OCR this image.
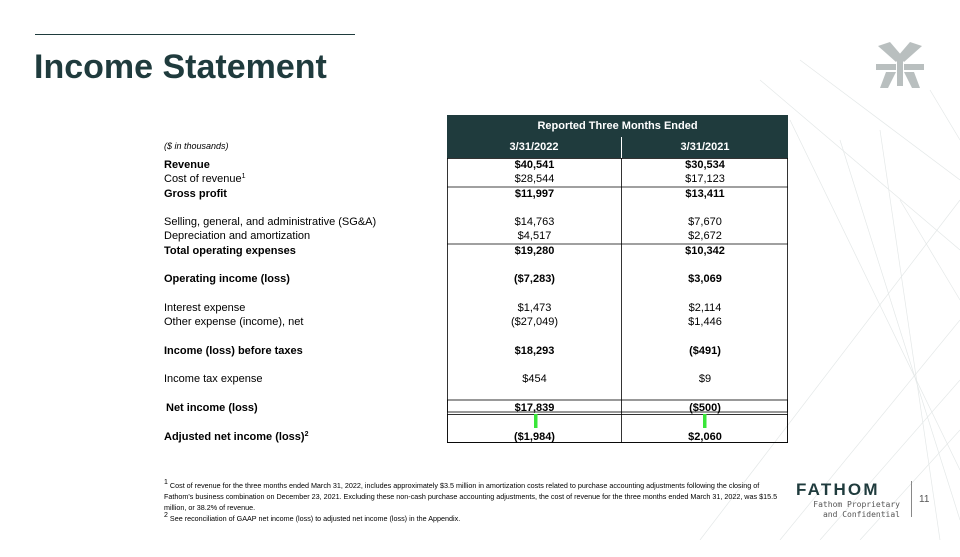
Income Statement
Reported Three Months Ended
($ in thousands)	3/31/2022	3/31/2021
Revenue	$40,541	$30,534
Cost of revenue$^1$	$28,544	$17,123
Gross profit	$11,997	$13,411
Selling, general, and administrative (SG&A)	$14,763	$7,670
Depreciation and amortization	$4,517	$2,672
Total operating expenses	$19,280	$10,342
Operating income (loss)	($7,283)	$3,069
Interest expense	$1,473	$2,114
Other expense (income), net	($27,049)	$1,446
Income (loss) before taxes	$18,293	($491)
Income tax expense	$454	$9
Net income (loss)	$17,839	($500)
Adjusted net income (loss)$^2$	($1,984)	$2,060

$^1$ Cost of revenue for the three months ended March 31, 2022, includes approximately $3.5 million in amortization costs related to purchase accounting adjustments following the closing of Fathom's business combination on December 23, 2021. Excluding these non-cash purchase accounting adjustments, the cost of revenue for the three months ended March 31, 2022, was $15.5 million, or 38.2% of revenue.

$^2$ See reconciliation of GAAP net income (loss) to adjusted net income (loss) in the Appendix.

FATHOM
Fathom Proprietary
and Confidential
11
